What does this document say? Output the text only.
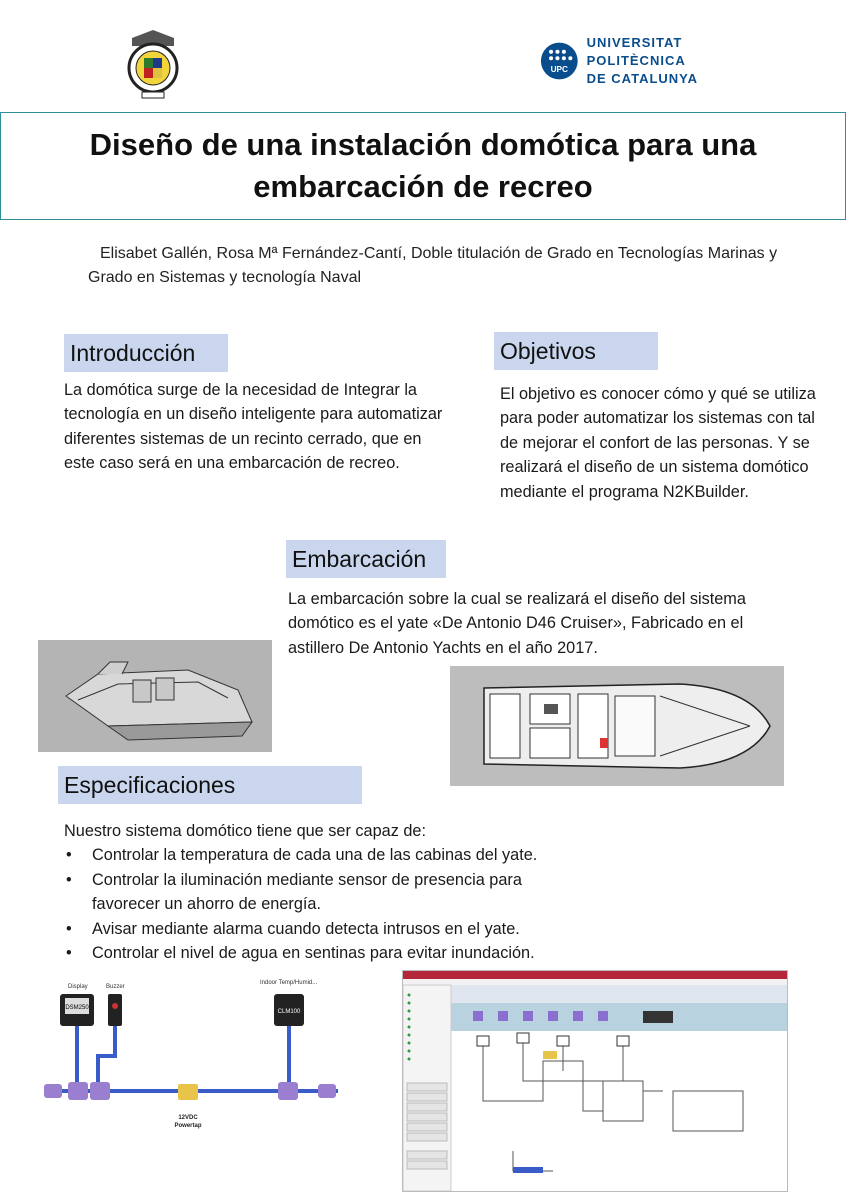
UPC
UNIVERSITAT POLITÈCNICA
DE CATALUNYA
Diseño de una instalación domótica para una embarcación de recreo
Elisabet Gallén, Rosa Mª Fernández-Cantí, Doble titulación de Grado en Tecnologías Marinas y Grado en Sistemas y tecnología Naval
Introducción
La domótica surge de la necesidad de Integrar la tecnología en un diseño inteligente para automatizar diferentes sistemas de un recinto cerrado, que en este caso será en una embarcación de recreo.
Objetivos
El objetivo es conocer cómo y qué se utiliza para poder automatizar los sistemas con tal de mejorar el confort de las personas. Y se realizará el diseño de un sistema domótico mediante el programa N2KBuilder.
Embarcación
La embarcación sobre la cual se realizará el diseño del sistema domótico es el yate «De Antonio D46 Cruiser», Fabricado en el astillero De Antonio Yachts en el año 2017.
Especificaciones
Nuestro sistema domótico tiene que ser capaz de:
• Controlar la temperatura de cada una de las cabinas del yate.
• Controlar la iluminación mediante sensor de presencia para favorecer un ahorro de energía.
• Avisar mediante alarma cuando detecta intrusos en el yate.
• Controlar el nivel de agua en sentinas para evitar inundación.
Display	Buzzer
Indoor Temp/Humid...
DSM250
CLM100
12VDC
Powertap
